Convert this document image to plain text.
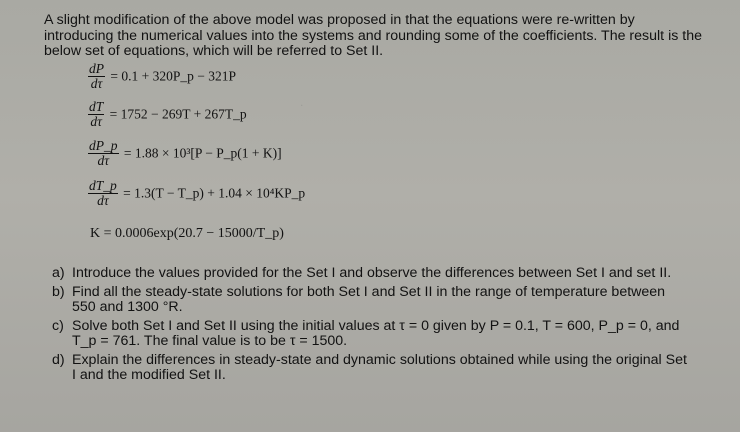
.

A slight modification of the above model was proposed in that the equations were re-written by introducing the numerical values into the systems and rounding some of the coefficients. The result is the below set of equations, which will be referred to Set II.

$\frac{dP}{d\tau} = 0.1$ + 320P_p − 321P
$\frac{dT}{d\tau} = 1752 - 269T$ + 267T_p
$\frac{dP\_p}{d\tau} = 1.88 \times 10^3[P$ − P_p(1 + K)]
$\frac{dT\_p}{d\tau} = 1.3(T$ − T_p) + 1.04 × 10⁴KP_p
K = 0.0006exp(20.7 − 15000/T_p)
a) Introduce the values provided for the Set I and observe the differences between Set I and set II.
b) Find all the steady-state solutions for both Set I and Set II in the range of temperature between 550 and 1300 °R.
c) Solve both Set I and Set II using the initial values at τ = 0 given by P = 0.1, T = 600, P_p = 0, and T_p = 761. The final value is to be τ = 1500.
d) Explain the differences in steady-state and dynamic solutions obtained while using the original Set I and the modified Set II.
